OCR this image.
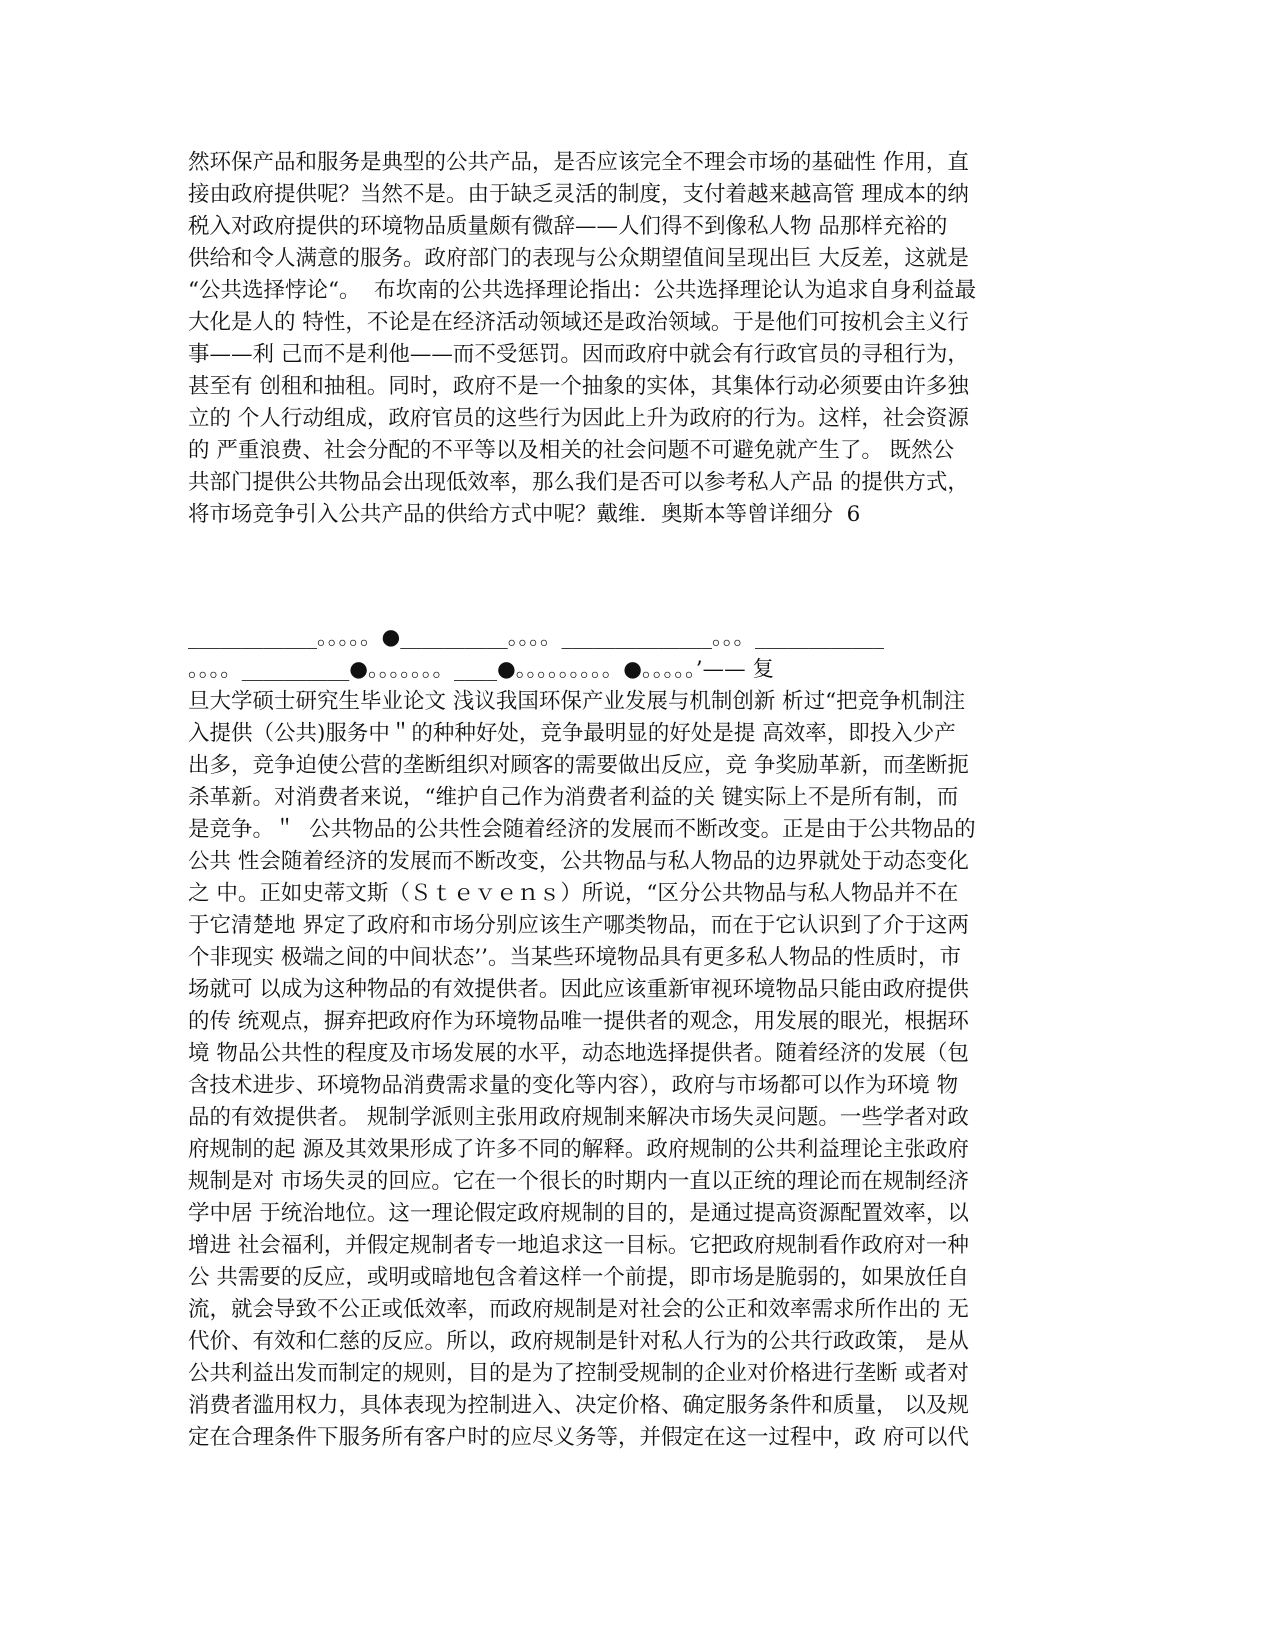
然环保产品和服务是典型的公共产品，是否应该完全不理会市场的基础性 作用，直
接由政府提供呢？当然不是。由于缺乏灵活的制度，支付着越来越高管 理成本的纳
税入对政府提供的环境物品质量颇有微辞——人们得不到像私人物 品那样充裕的
供给和令人满意的服务。政府部门的表现与公众期望值间呈现出巨 大反差，这就是
“公共选择悖论“。  布坎南的公共选择理论指出：公共选择理论认为追求自身利益最
大化是人的 特性，不论是在经济活动领域还是政治领域。于是他们可按机会主义行
事——利 己而不是利他——而不受惩罚。因而政府中就会有行政官员的寻租行为，
甚至有 创租和抽租。同时，政府不是一个抽象的实体，其集体行动必须要由许多独
立的 个人行动组成，政府官员的这些行为因此上升为政府的行为。这样，社会资源
的 严重浪费、社会分配的不平等以及相关的社会问题不可避免就产生了。 既然公
共部门提供公共物品会出现低效率，那么我们是否可以参考私人产品 的提供方式，
将市场竞争引入公共产品的供给方式中呢？戴维．奥斯本等曾详细分  6
____________。。。。。●__________。。。。______________。。。____________
。。。。__________●。。。。。。。____●。。。。。。。。。●。。。。。’—— 复
旦大学硕士研究生毕业论文 浅议我国环保产业发展与机制创新 析过“把竞争机制注
入提供（公共)服务中＂的种种好处，竞争最明显的好处是提 高效率，即投入少产
出多，竞争迫使公营的垄断组织对顾客的需要做出反应，竞 争奖励革新，而垄断扼
杀革新。对消费者来说，“维护自己作为消费者利益的关 键实际上不是所有制，而
是竞争。＂  公共物品的公共性会随着经济的发展而不断改变。正是由于公共物品的
公共 性会随着经济的发展而不断改变，公共物品与私人物品的边界就处于动态变化
之 中。正如史蒂文斯（Ｓｔｅｖｅｎｓ）所说，“区分公共物品与私人物品并不在
于它清楚地 界定了政府和市场分别应该生产哪类物品，而在于它认识到了介于这两
个非现实 极端之间的中间状态’’。当某些环境物品具有更多私人物品的性质时，市
场就可 以成为这种物品的有效提供者。因此应该重新审视环境物品只能由政府提供
的传 统观点，摒弃把政府作为环境物品唯一提供者的观念，用发展的眼光，根据环
境 物品公共性的程度及市场发展的水平，动态地选择提供者。随着经济的发展（包
含技术进步、环境物品消费需求量的变化等内容），政府与市场都可以作为环境 物
品的有效提供者。 规制学派则主张用政府规制来解决市场失灵问题。一些学者对政
府规制的起 源及其效果形成了许多不同的解释。政府规制的公共利益理论主张政府
规制是对 市场失灵的回应。它在一个很长的时期内一直以正统的理论而在规制经济
学中居 于统治地位。这一理论假定政府规制的目的，是通过提高资源配置效率，以
增进 社会福利，并假定规制者专一地追求这一目标。它把政府规制看作政府对一种
公 共需要的反应，或明或暗地包含着这样一个前提，即市场是脆弱的，如果放任自
流，就会导致不公正或低效率，而政府规制是对社会的公正和效率需求所作出的 无
代价、有效和仁慈的反应。所以，政府规制是针对私人行为的公共行政政策， 是从
公共利益出发而制定的规则，目的是为了控制受规制的企业对价格进行垄断 或者对
消费者滥用权力，具体表现为控制进入、决定价格、确定服务条件和质量， 以及规
定在合理条件下服务所有客户时的应尽义务等，并假定在这一过程中，政 府可以代
